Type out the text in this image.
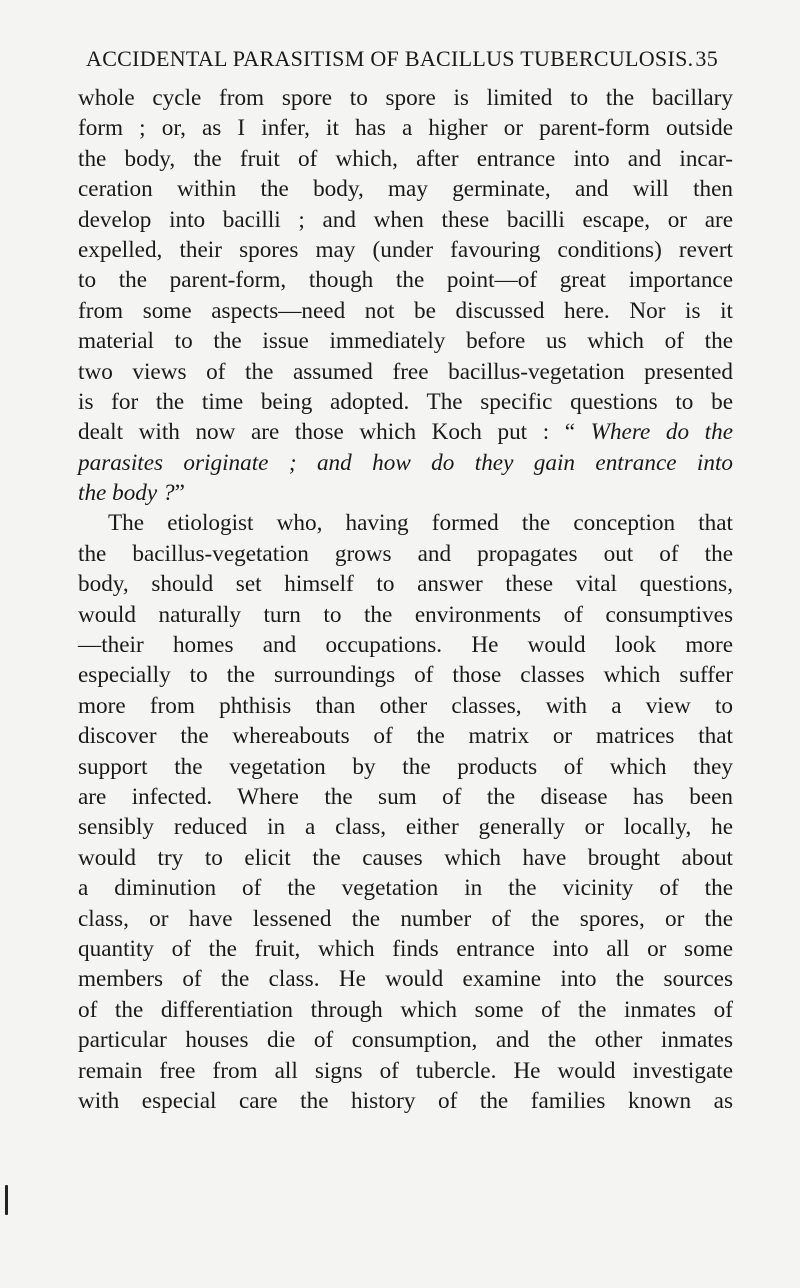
ACCIDENTAL PARASITISM OF BACILLUS TUBERCULOSIS. 35
whole cycle from spore to spore is limited to the bacillary
form ; or, as I infer, it has a higher or parent-form outside
the body, the fruit of which, after entrance into and incar-
ceration within the body, may germinate, and will then
develop into bacilli ; and when these bacilli escape, or are
expelled, their spores may (under favouring conditions) revert
to the parent-form, though the point—of great importance
from some aspects—need not be discussed here. Nor is it
material to the issue immediately before us which of the
two views of the assumed free bacillus-vegetation presented
is for the time being adopted. The specific questions to be
dealt with now are those which Koch put : “ Where do the
parasites originate ; and how do they gain entrance into
the body ?”
The etiologist who, having formed the conception that
the bacillus-vegetation grows and propagates out of the
body, should set himself to answer these vital questions,
would naturally turn to the environments of consumptives
—their homes and occupations. He would look more
especially to the surroundings of those classes which suffer
more from phthisis than other classes, with a view to
discover the whereabouts of the matrix or matrices that
support the vegetation by the products of which they
are infected. Where the sum of the disease has been
sensibly reduced in a class, either generally or locally, he
would try to elicit the causes which have brought about
a diminution of the vegetation in the vicinity of the
class, or have lessened the number of the spores, or the
quantity of the fruit, which finds entrance into all or some
members of the class. He would examine into the sources
of the differentiation through which some of the inmates of
particular houses die of consumption, and the other inmates
remain free from all signs of tubercle. He would investigate
with especial care the history of the families known as
